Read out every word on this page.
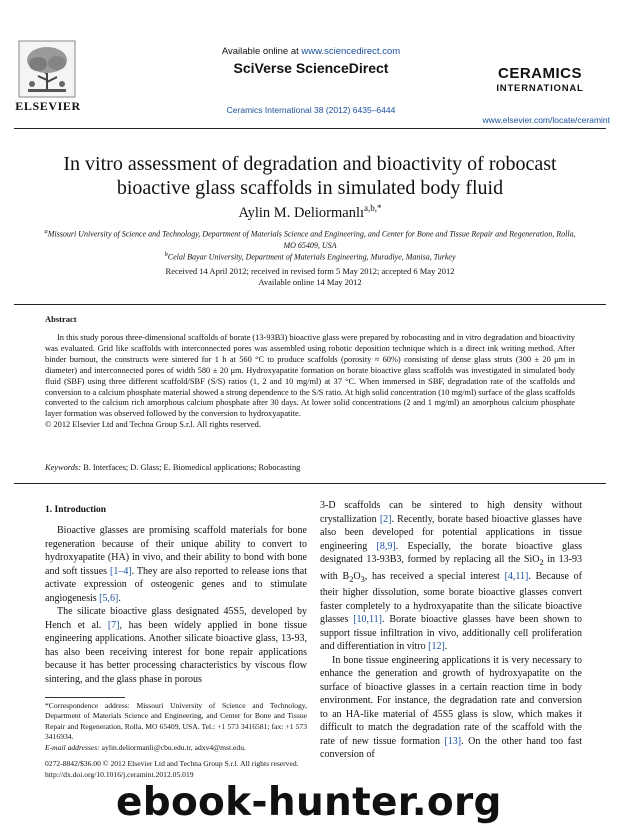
ELSEVIER
Available online at www.sciencedirect.com
SciVerse ScienceDirect
Ceramics International 38 (2012) 6435–6444
CERAMICS
INTERNATIONAL
www.elsevier.com/locate/ceramint
In vitro assessment of degradation and bioactivity of robocast bioactive glass scaffolds in simulated body fluid
Aylin M. Deliormanlı$^{a,b,*}$
$^a$Missouri University of Science and Technology, Department of Materials Science and Engineering, and Center for Bone and Tissue Repair and Regeneration, Rolla, MO 65409, USA
$^b$Celal Bayar University, Department of Materials Engineering, Muradiye, Manisa, Turkey
Received 14 April 2012; received in revised form 5 May 2012; accepted 6 May 2012
Available online 14 May 2012
Abstract

In this study porous three-dimensional scaffolds of borate (13-93B3) bioactive glass were prepared by robocasting and in vitro degradation and bioactivity was evaluated. Grid like scaffolds with interconnected pores was assembled using robotic deposition technique which is a direct ink writing method. After binder burnout, the constructs were sintered for 1 h at 560 °C to produce scaffolds (porosity ≈ 60%) consisting of dense glass struts (300 ± 20 μm in diameter) and interconnected pores of width 580 ± 20 μm. Hydroxyapatite formation on borate bioactive glass scaffolds was investigated in simulated body fluid (SBF) using three different scaffold/SBF (S/S) ratios (1, 2 and 10 mg/ml) at 37 °C. When immersed in SBF, degradation rate of the scaffolds and conversion to a calcium phosphate material showed a strong dependence to the S/S ratio. At high solid concentration (10 mg/ml) surface of the glass scaffolds converted to the calcium rich amorphous calcium phosphate after 30 days. At lower solid concentrations (2 and 1 mg/ml) an amorphous calcium phosphate layer formation was observed followed by the conversion to hydroxyapatite.

© 2012 Elsevier Ltd and Techna Group S.r.l. All rights reserved.

Keywords: B. Interfaces; D. Glass; E. Biomedical applications; Robocasting
1. Introduction

Bioactive glasses are promising scaffold materials for bone regeneration because of their unique ability to convert to hydroxyapatite (HA) in vivo, and their ability to bond with bone and soft tissues [1–4]. They are also reported to release ions that activate expression of osteogenic genes and to stimulate angiogenesis [5,6].

The silicate bioactive glass designated 45S5, developed by Hench et al. [7], has been widely applied in bone tissue engineering applications. Another silicate bioactive glass, 13-93, has also been receiving interest for bone repair applications because it has better processing characteristics by viscous flow sintering, and the glass phase in porous

3-D scaffolds can be sintered to high density without crystallization [2]. Recently, borate based bioactive glasses have also been developed for potential applications in tissue engineering [8,9]. Especially, the borate bioactive glass designated 13-93B3, formed by replacing all the SiO$_2$ in 13-93 with $B_2O_3$, has received a special interest [4,11]. Because of their higher dissolution, some borate bioactive glasses convert faster completely to a hydroxyapatite than the silicate bioactive glasses [10,11]. Borate bioactive glasses have been shown to support tissue infiltration in vivo, additionally cell proliferation and differentiation in vitro [12].

In bone tissue engineering applications it is very necessary to enhance the generation and growth of hydroxyapatite on the surface of bioactive glasses in a certain reaction time in body environment. For instance, the degradation rate and conversion to an HA-like material of 45S5 glass is slow, which makes it difficult to match the degradation rate of the scaffold with the rate of new tissue formation [13]. On the other hand too fast conversion of

*Correspondence address: Missouri University of Science and Technology, Department of Materials Science and Engineering, and Center for Bone and Tissue Repair and Regeneration, Rolla, MO 65409, USA. Tel.: +1 573 3416581; fax: +1 573 3416934.
E-mail addresses: aylin.deliormanli@cbu.edu.tr, adxv4@mst.edu.
0272-8842/$36.00 © 2012 Elsevier Ltd and Techna Group S.r.l. All rights reserved.
http://dx.doi.org/10.1016/j.ceramint.2012.05.019
ebook-hunter.org
